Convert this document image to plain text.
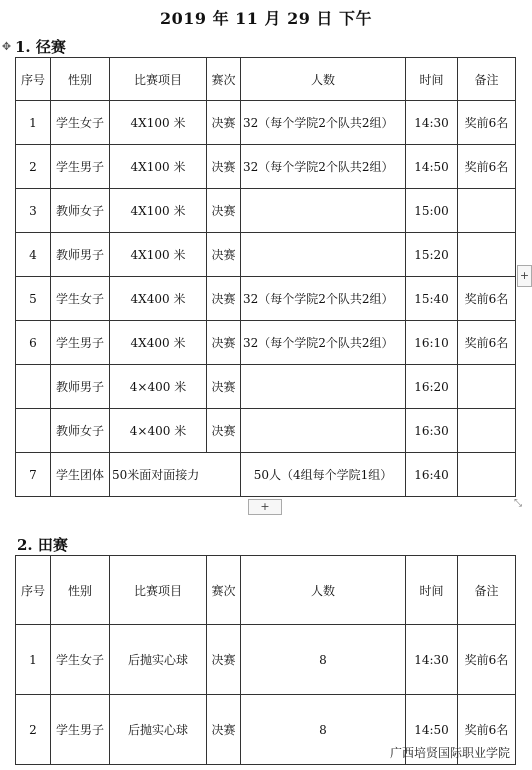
2019 年 11 月 29 日 下午
✥ 1. 径赛
序号	性别	比赛项目	赛次	人数	时间	备注
1	学生女子	4X100 米	决赛	32（每个学院2个队共2组）	14:30	奖前6名
2	学生男子	4X100 米	决赛	32（每个学院2个队共2组）	14:50	奖前6名
3	教师女子	4X100 米	决赛		15:00	
4	教师男子	4X100 米	决赛		15:20	
5	学生女子	4X400 米	决赛	32（每个学院2个队共2组）	15:40	奖前6名
6	学生男子	4X400 米	决赛	32（每个学院2个队共2组）	16:10	奖前6名
	教师男子	4×400 米	决赛		16:20	
	教师女子	4×400 米	决赛		16:30	
7	学生团体	50米面对面接力		50人（4组每个学院1组）	16:40	
+
+
⤡
2. 田赛
序号	性别	比赛项目	赛次	人数	时间	备注
1	学生女子	后抛实心球	决赛	8	14:30	奖前6名
2	学生男子	后抛实心球	决赛	8	14:50	奖前6名
广西培贤国际职业学院
